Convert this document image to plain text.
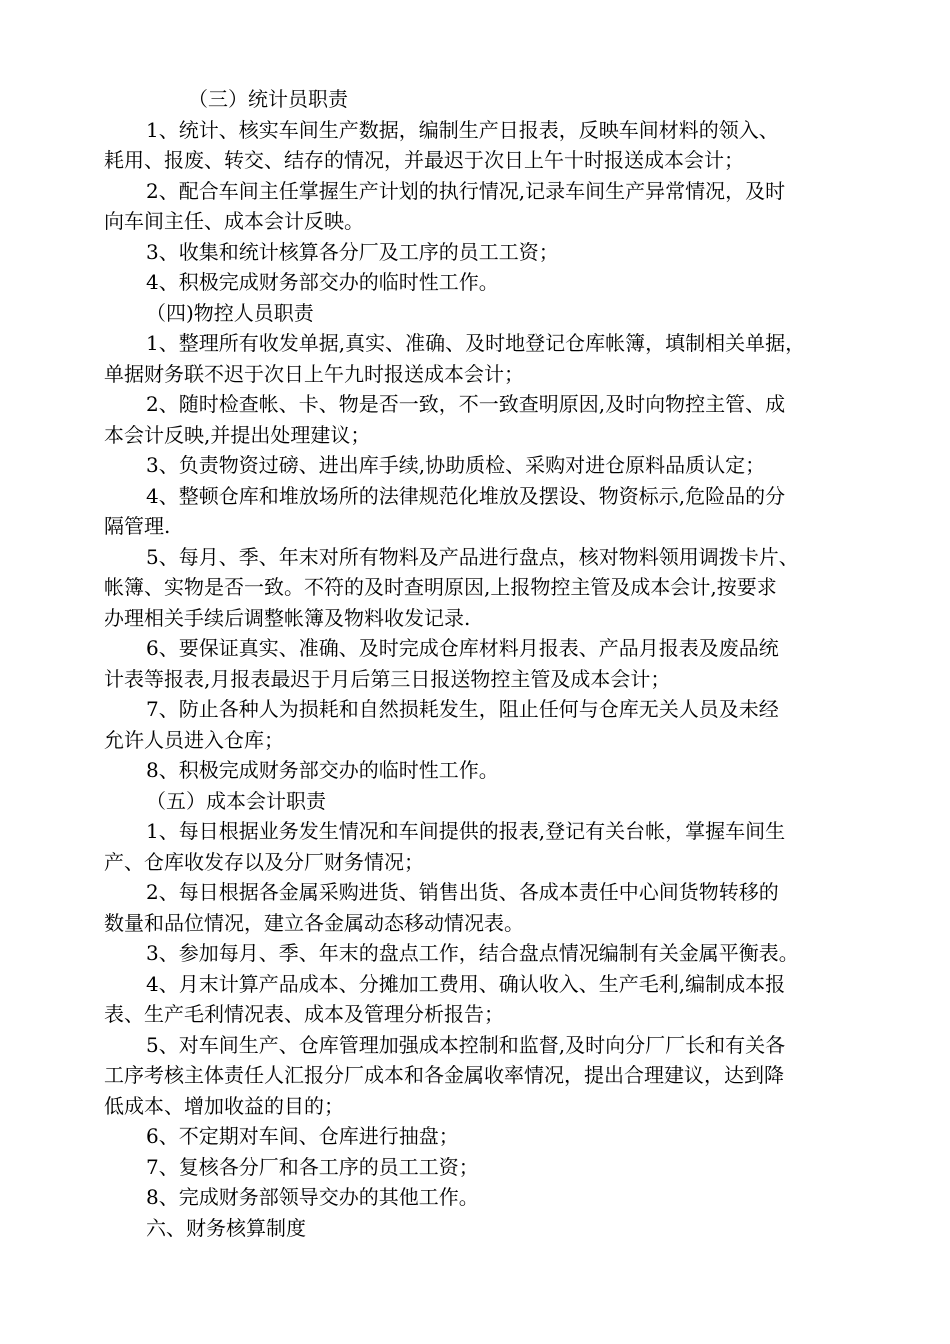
（三）统计员职责
1、统计、核实车间生产数据，编制生产日报表，反映车间材料的领入、
耗用、报废、转交、结存的情况，并最迟于次日上午十时报送成本会计；
2、配合车间主任掌握生产计划的执行情况,记录车间生产异常情况，及时
向车间主任、成本会计反映。
3、收集和统计核算各分厂及工序的员工工资；
4、积极完成财务部交办的临时性工作。
（四)物控人员职责
1、整理所有收发单据,真实、准确、及时地登记仓库帐簿，填制相关单据，
单据财务联不迟于次日上午九时报送成本会计；
2、随时检查帐、卡、物是否一致，不一致查明原因,及时向物控主管、成
本会计反映,并提出处理建议；
3、负责物资过磅、进出库手续,协助质检、采购对进仓原料品质认定；
4、整顿仓库和堆放场所的法律规范化堆放及摆设、物资标示,危险品的分
隔管理.
5、每月、季、年末对所有物料及产品进行盘点，核对物料领用调拨卡片、
帐簿、实物是否一致。不符的及时查明原因,上报物控主管及成本会计,按要求
办理相关手续后调整帐簿及物料收发记录.
6、要保证真实、准确、及时完成仓库材料月报表、产品月报表及废品统
计表等报表,月报表最迟于月后第三日报送物控主管及成本会计；
7、防止各种人为损耗和自然损耗发生，阻止任何与仓库无关人员及未经
允许人员进入仓库；
8、积极完成财务部交办的临时性工作。
（五）成本会计职责
1、每日根据业务发生情况和车间提供的报表,登记有关台帐，掌握车间生
产、仓库收发存以及分厂财务情况；
2、每日根据各金属采购进货、销售出货、各成本责任中心间货物转移的
数量和品位情况，建立各金属动态移动情况表。
3、参加每月、季、年末的盘点工作，结合盘点情况编制有关金属平衡表。
4、月末计算产品成本、分摊加工费用、确认收入、生产毛利,编制成本报
表、生产毛利情况表、成本及管理分析报告；
5、对车间生产、仓库管理加强成本控制和监督,及时向分厂厂长和有关各
工序考核主体责任人汇报分厂成本和各金属收率情况，提出合理建议，达到降
低成本、增加收益的目的；
6、不定期对车间、仓库进行抽盘；
7、复核各分厂和各工序的员工工资；
8、完成财务部领导交办的其他工作。
六、财务核算制度
